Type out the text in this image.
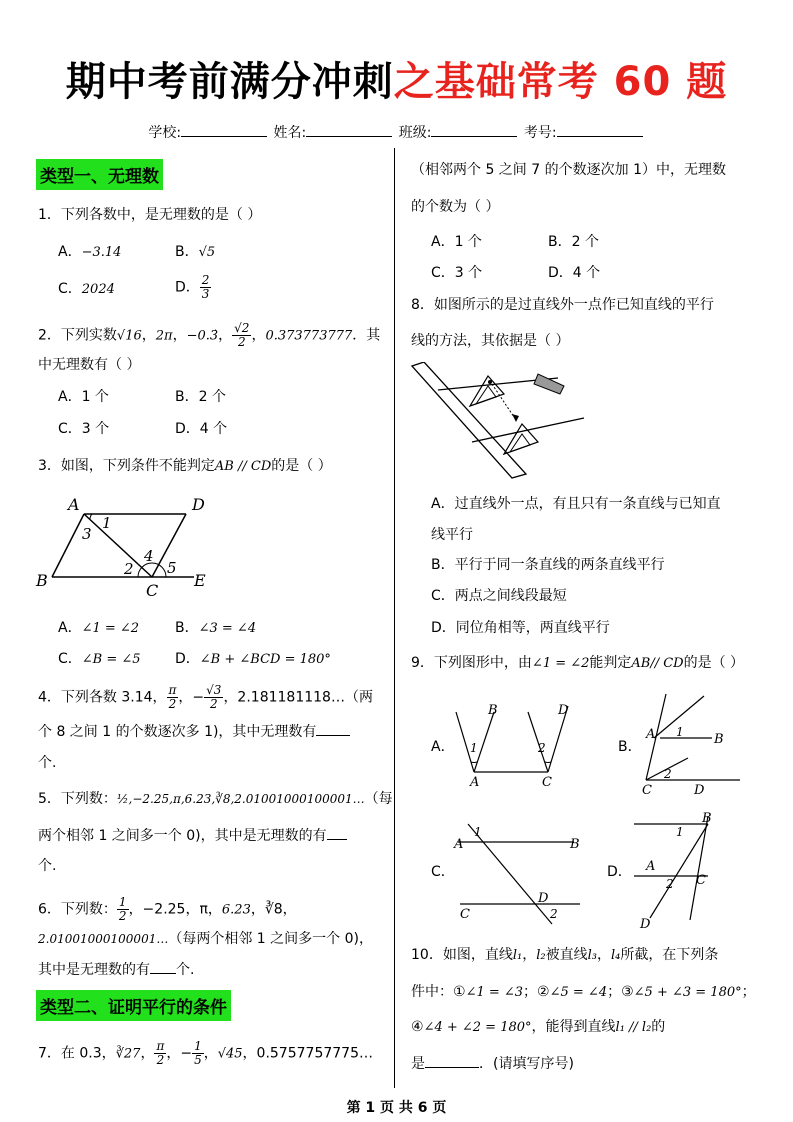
期中考前满分冲刺之基础常考 60 题
学校:	姓名:	班级:	考号:
类型一、无理数
1．下列各数中，是无理数的是（ ）
A．−3.14	B．√5
C．2024	D． $\frac{2}{3}$
2．下列实数√16，2π，−0.3̇， $\frac{√2}{2}$ ，0.373773777．其
中无理数有（ ）
A．1 个	B．2 个
C．3 个	D．4 个
3．如图，下列条件不能判定AB // CD的是（ ）
A	D
B
C
E
1
3
2
4
5
A．∠1 = ∠2	B．∠3 = ∠4
C．∠B = ∠5 D．∠B + ∠BCD = 180°
4．下列各数 3.14， $\frac{\pi}{2}$ ，− $\frac{√3}{2}$ ，2.181181118…（两
个 8 之间 1 的个数逐次多 1)，其中无理数有
个.
5．下列数：½,−2.25,π,6.23,∛8,2.01001000100001…（每
两个相邻 1 之间多一个 0)，其中是无理数的有
个.
6．下列数： $\frac{1}{2}$ ，−2.25，π，6.23，∛8，
2.01001000100001…（每两个相邻 1 之间多一个 0)，
其中是无理数的有 个.
类型二、证明平行的条件
7．在 0.3，∛27， $\frac{\pi}{2}$ ，− $\frac{1}{5}$ ，√45，0.5757757775…
（相邻两个 5 之间 7 的个数逐次加 1）中，无理数
的个数为（ ）
A．1 个	B．2 个
C．3 个	D．4 个
8．如图所示的是过直线外一点作已知直线的平行
线的方法，其依据是（ ）
A．过直线外一点，有且只有一条直线与已知直
线平行
B．平行于同一条直线的两条直线平行
C．两点之间线段最短
D．同位角相等，两直线平行
9．下列图形中，由∠1 = ∠2能判定AB// CD的是（ ）
A．
B	D
A	C
1	2	B．
A	B
C	D
1
2
C．
A	B
C
D
1
2
D．
B
A
C
D
1
2
10．如图，直线l₁，l₂被直线l₃，l₄所截，在下列条
件中：①∠1 = ∠3；②∠5 = ∠4；③∠5 + ∠3 = 180°；
④∠4 + ∠2 = 180°，能得到直线l₁ // l₂的
是	．(请填写序号)
第 1 页 共 6 页
